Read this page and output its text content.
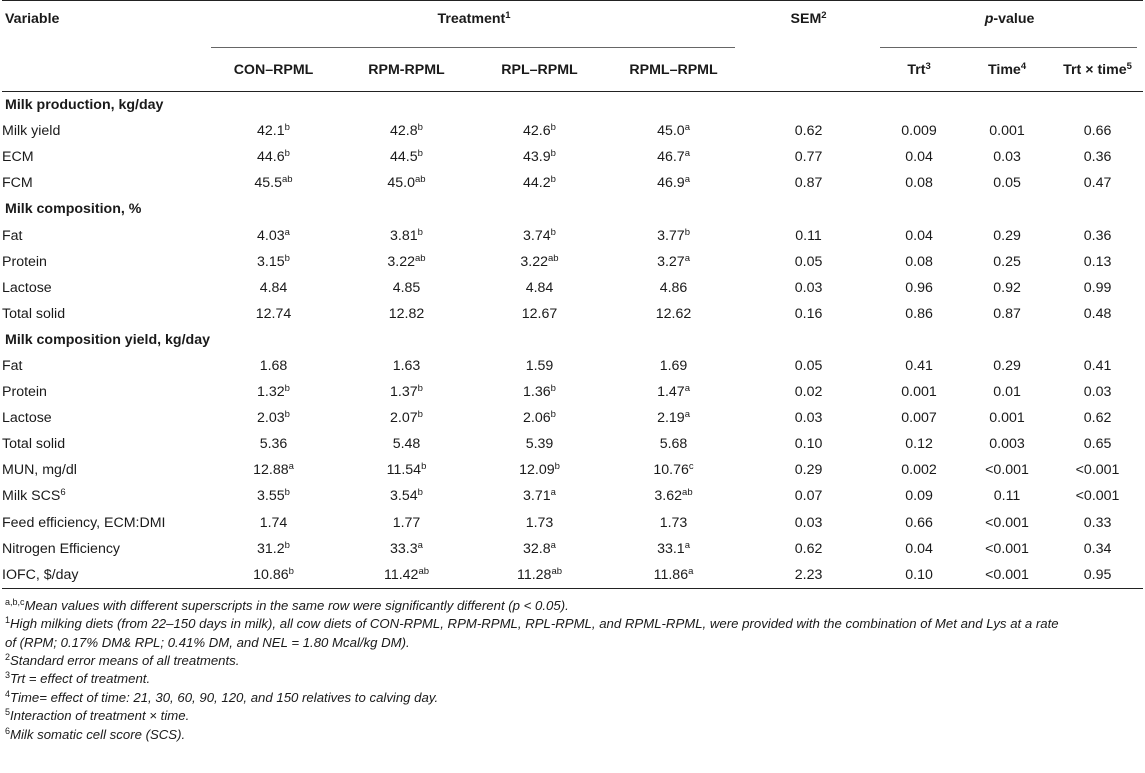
Variable	Treatment$^1$				SEM$^2$	p-value		
	CON–RPML	RPM-RPML	RPL–RPML	RPML–RPML		Trt$^3$	Time$^4$	Trt × time$^5$
Milk production, kg/day								
Milk yield	42.1$^b$	42.8$^b$	42.6$^b$	45.0$^a$	0.62	0.009	0.001	0.66
ECM	44.6$^b$	44.5$^b$	43.9$^b$	46.7$^a$	0.77	0.04	0.03	0.36
FCM	45.5$^{ab}$	45.0$^{ab}$	44.2$^b$	46.9$^a$	0.87	0.08	0.05	0.47
Milk composition, %								
Fat	4.03$^a$	3.81$^b$	3.74$^b$	3.77$^b$	0.11	0.04	0.29	0.36
Protein	3.15$^b$	3.22$^{ab}$	3.22$^{ab}$	3.27$^a$	0.05	0.08	0.25	0.13
Lactose	4.84	4.85	4.84	4.86	0.03	0.96	0.92	0.99
Total solid	12.74	12.82	12.67	12.62	0.16	0.86	0.87	0.48
Milk composition yield, kg/day								
Fat	1.68	1.63	1.59	1.69	0.05	0.41	0.29	0.41
Protein	1.32$^b$	1.37$^b$	1.36$^b$	1.47$^a$	0.02	0.001	0.01	0.03
Lactose	2.03$^b$	2.07$^b$	2.06$^b$	2.19$^a$	0.03	0.007	0.001	0.62
Total solid	5.36	5.48	5.39	5.68	0.10	0.12	0.003	0.65
MUN, mg/dl	12.88$^a$	11.54$^b$	12.09$^b$	10.76$^c$	0.29	0.002	<0.001	<0.001
Milk SCS$^6$	3.55$^b$	3.54$^b$	3.71$^a$	3.62$^{ab}$	0.07	0.09	0.11	<0.001
Feed efficiency, ECM:DMI	1.74	1.77	1.73	1.73	0.03	0.66	<0.001	0.33
Nitrogen Efficiency	31.2$^b$	33.3$^a$	32.8$^a$	33.1$^a$	0.62	0.04	<0.001	0.34
IOFC, $/day	10.86$^b$	11.42$^{ab}$	11.28$^{ab}$	11.86$^a$	2.23	0.10	<0.001	0.95
$^{a,b,c}$Mean values with different superscripts in the same row were significantly different (p < 0.05).
$^1$High milking diets (from 22–150 days in milk), all cow diets of CON-RPML, RPM-RPML, RPL-RPML, and RPML-RPML, were provided with the combination of Met and Lys at a rate
of (RPM; 0.17% DM& RPL; 0.41% DM, and NEL = 1.80 Mcal/kg DM).
$^2$Standard error means of all treatments.
$^3$Trt = effect of treatment.
$^4$Time= effect of time: 21, 30, 60, 90, 120, and 150 relatives to calving day.
$^5$Interaction of treatment × time.
$^6$Milk somatic cell score (SCS).
